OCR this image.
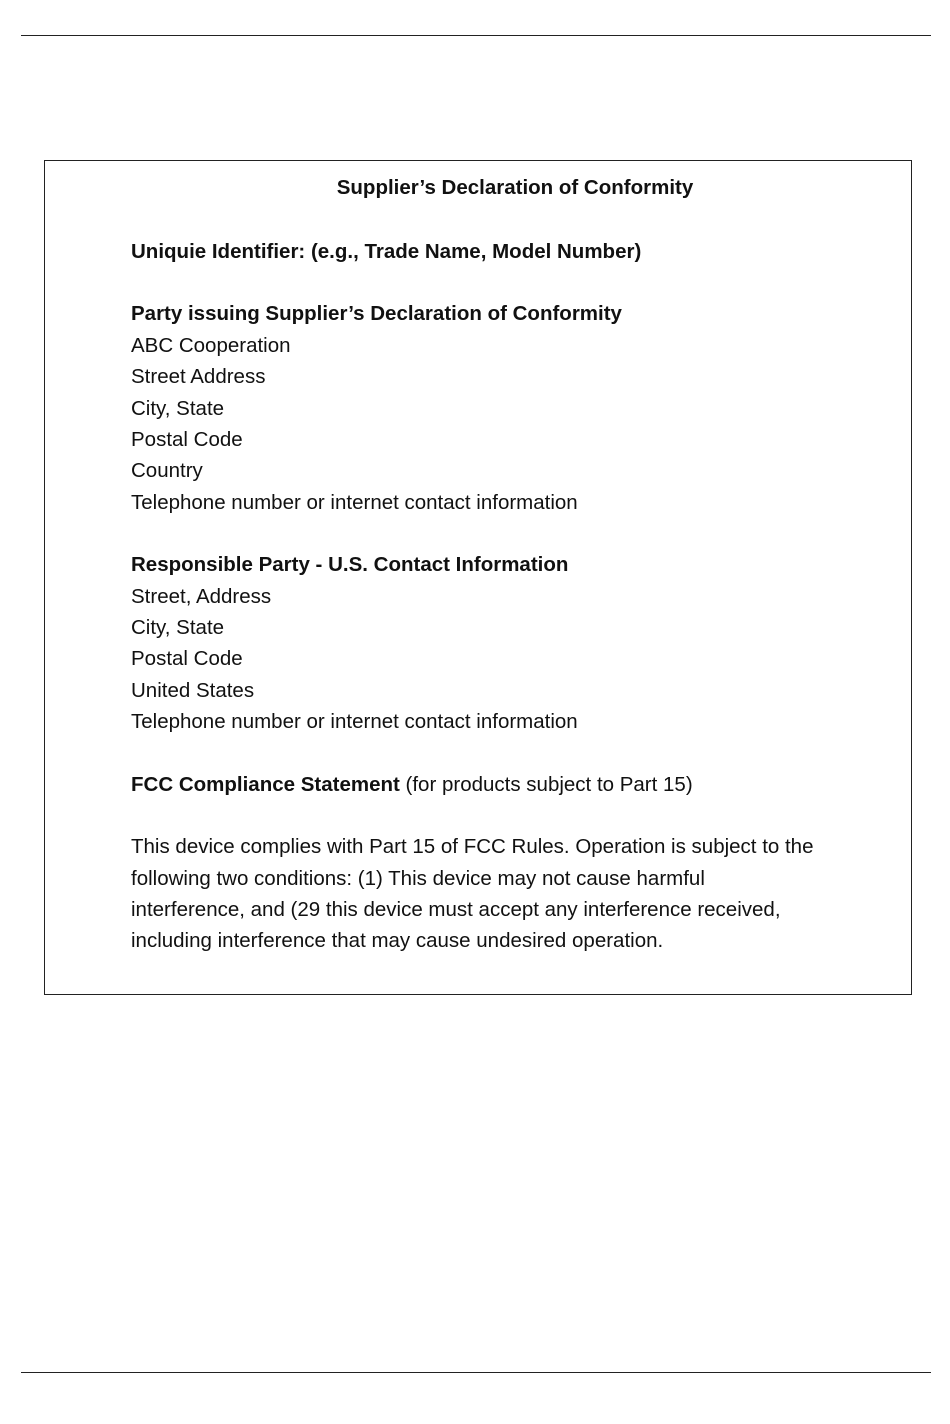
Supplier’s Declaration of Conformity

Uniquie Identifier: (e.g., Trade Name, Model Number)

Party issuing Supplier’s Declaration of Conformity

ABC Cooperation

Street Address

City, State

Postal Code

Country

Telephone number or internet contact information

Responsible Party - U.S. Contact Information

Street, Address

City, State

Postal Code

United States

Telephone number or internet contact information

FCC Compliance Statement (for products subject to Part 15)

This device complies with Part 15 of FCC Rules. Operation is subject to the

following two conditions: (1) This device may not cause harmful

interference, and (29 this device must accept any interference received,

including interference that may cause undesired operation.
